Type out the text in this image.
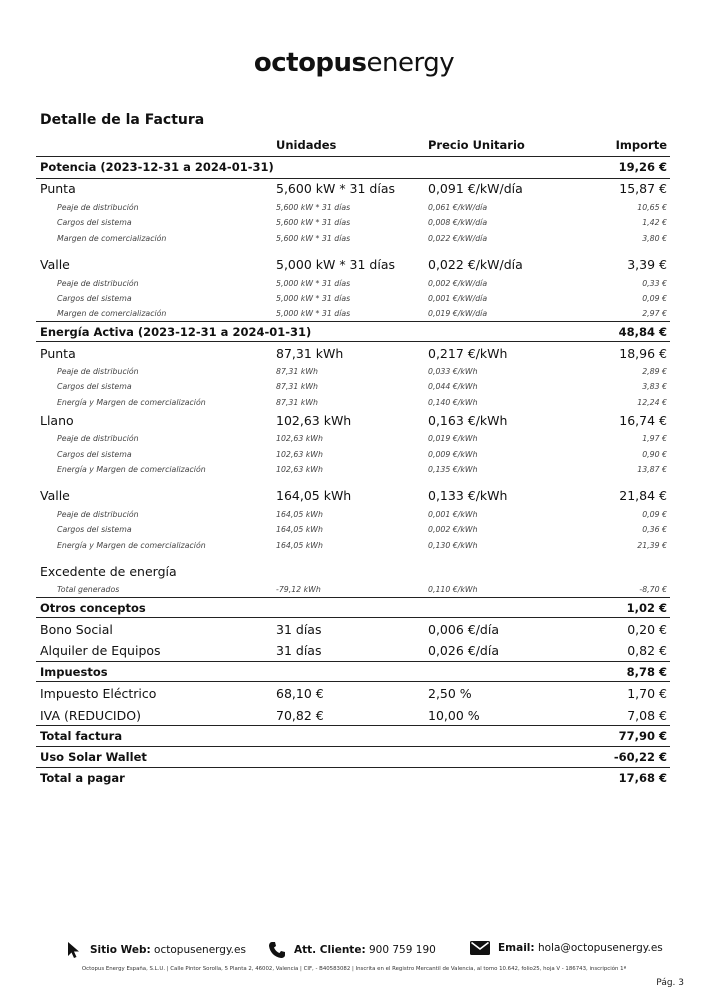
octopusenergy
Detalle de la Factura
Unidades	Precio Unitario	Importe
Potencia (2023-12-31 a 2024-01-31)	19,26 €
Punta	5,600 kW * 31 días	0,091 €/kW/día	15,87 €
Peaje de distribución	5,600 kW * 31 días	0,061 €/kW/día	10,65 €
Cargos del sistema	5,600 kW * 31 días	0,008 €/kW/día	1,42 €
Margen de comercialización	5,600 kW * 31 días	0,022 €/kW/día	3,80 €
Valle	5,000 kW * 31 días	0,022 €/kW/día	3,39 €
Peaje de distribución	5,000 kW * 31 días	0,002 €/kW/día	0,33 €
Cargos del sistema	5,000 kW * 31 días	0,001 €/kW/día	0,09 €
Margen de comercialización	5,000 kW * 31 días	0,019 €/kW/día	2,97 €
Energía Activa (2023-12-31 a 2024-01-31)	48,84 €
Punta	87,31 kWh	0,217 €/kWh	18,96 €
Peaje de distribución	87,31 kWh	0,033 €/kWh	2,89 €
Cargos del sistema	87,31 kWh	0,044 €/kWh	3,83 €
Energía y Margen de comercialización	87,31 kWh	0,140 €/kWh	12,24 €
Llano	102,63 kWh	0,163 €/kWh	16,74 €
Peaje de distribución	102,63 kWh	0,019 €/kWh	1,97 €
Cargos del sistema	102,63 kWh	0,009 €/kWh	0,90 €
Energía y Margen de comercialización	102,63 kWh	0,135 €/kWh	13,87 €
Valle	164,05 kWh	0,133 €/kWh	21,84 €
Peaje de distribución	164,05 kWh	0,001 €/kWh	0,09 €
Cargos del sistema	164,05 kWh	0,002 €/kWh	0,36 €
Energía y Margen de comercialización	164,05 kWh	0,130 €/kWh	21,39 €
Excedente de energía
Total generados	-79,12 kWh	0,110 €/kWh	-8,70 €
Otros conceptos	1,02 €
Bono Social	31 días	0,006 €/día	0,20 €
Alquiler de Equipos	31 días	0,026 €/día	0,82 €
Impuestos	8,78 €
Impuesto Eléctrico	68,10 €	2,50 %	1,70 €
IVA (REDUCIDO)	70,82 €	10,00 %	7,08 €
Total factura	77,90 €
Uso Solar Wallet	-60,22 €
Total a pagar	17,68 €
Sitio Web: octopusenergy.es	Att. Cliente: 900 759 190	Email: hola@octopusenergy.es
Octopus Energy España, S.L.U. | Calle Pintor Sorolla, 5 Planta 2, 46002, Valencia | CIF, - B40583082 | Inscrita en el Registro Mercantil de Valencia, al tomo 10.642, folio25, hoja V - 186743, inscripción 1ª
Pág. 3
